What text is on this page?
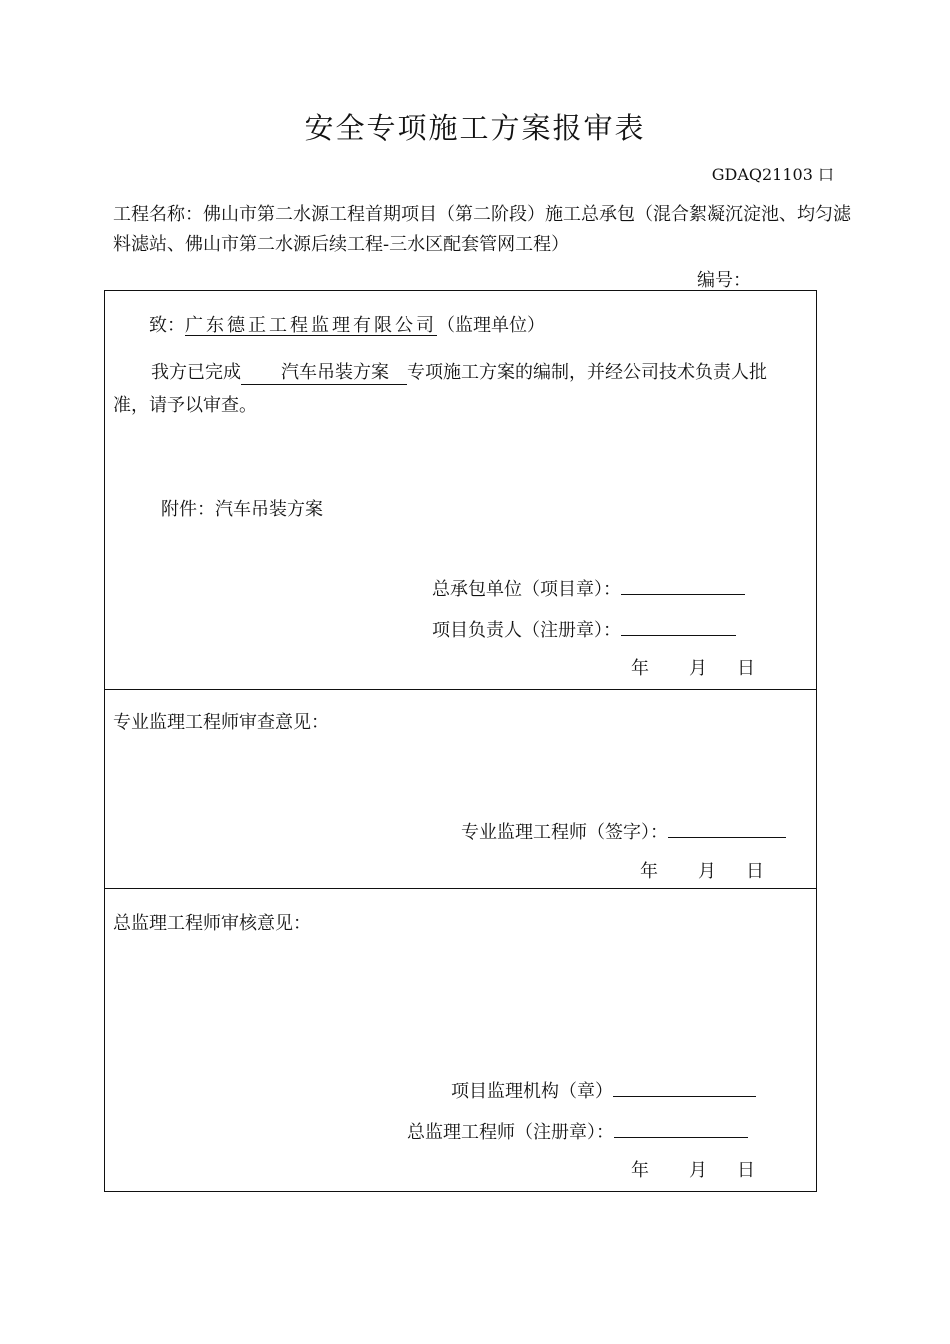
安全专项施工方案报审表
GDAQ21103 口
工程名称：佛山市第二水源工程首期项目（第二阶段）施工总承包（混合絮凝沉淀池、均匀滤料滤站、佛山市第二水源后续工程-三水区配套管网工程）
编号：
致：广东德正工程监理有限公司（监理单位）
我方已完成 汽车吊装方案 专项施工方案的编制，并经公司技术负责人批
准，请予以审查。
附件：汽车吊装方案
总承包单位（项目章）：
项目负责人（注册章）：
年 月 日
专业监理工程师审查意见：
专业监理工程师（签字）：
年 月 日
总监理工程师审核意见：
项目监理机构（章）
总监理工程师（注册章）：
年 月 日
